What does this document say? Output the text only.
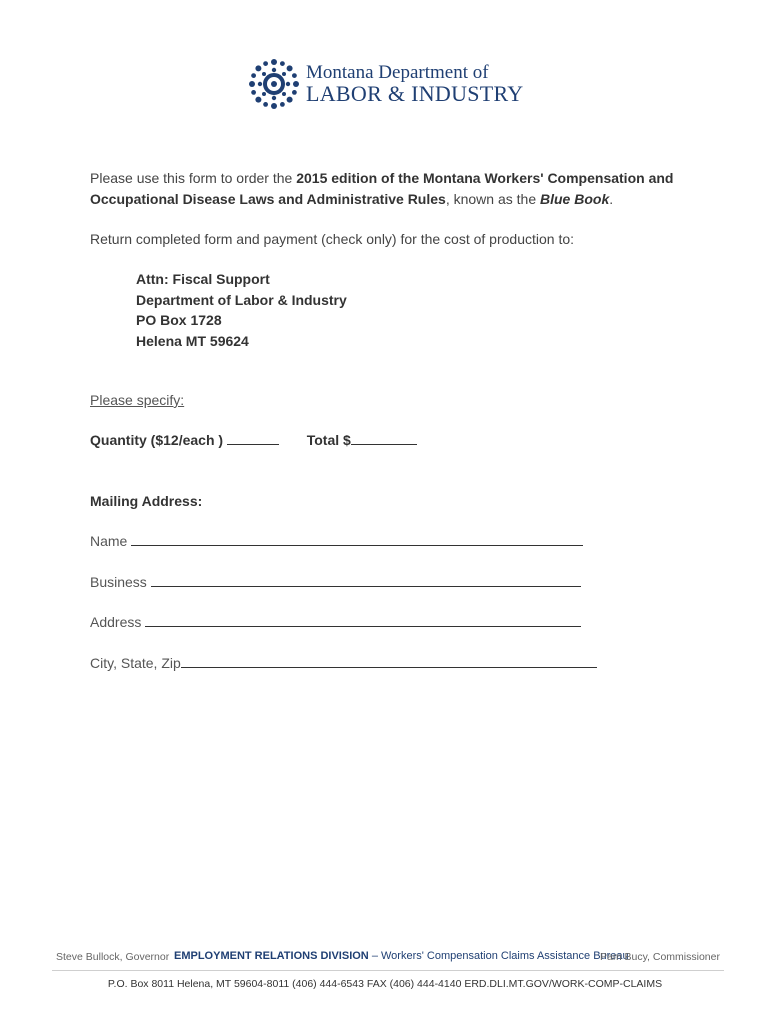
Montana Department of
LABOR & INDUSTRY
Please use this form to order the 2015 edition of the Montana Workers' Compensation and Occupational Disease Laws and Administrative Rules, known as the Blue Book.
Return completed form and payment (check only) for the cost of production to:
Attn: Fiscal Support
Department of Labor & Industry
PO Box 1728
Helena MT 59624
Please specify:
Quantity ($12/each )	Total $
Mailing Address:
Name
Business
Address
City, State, Zip
Steve Bullock, Governor EMPLOYMENT RELATIONS DIVISION – Workers' Compensation Claims Assistance Bureau
Pam Bucy, Commissioner
P.O. Box 8011 Helena, MT 59604-8011 (406) 444-6543 FAX (406) 444-4140 ERD.DLI.MT.GOV/WORK-COMP-CLAIMS
